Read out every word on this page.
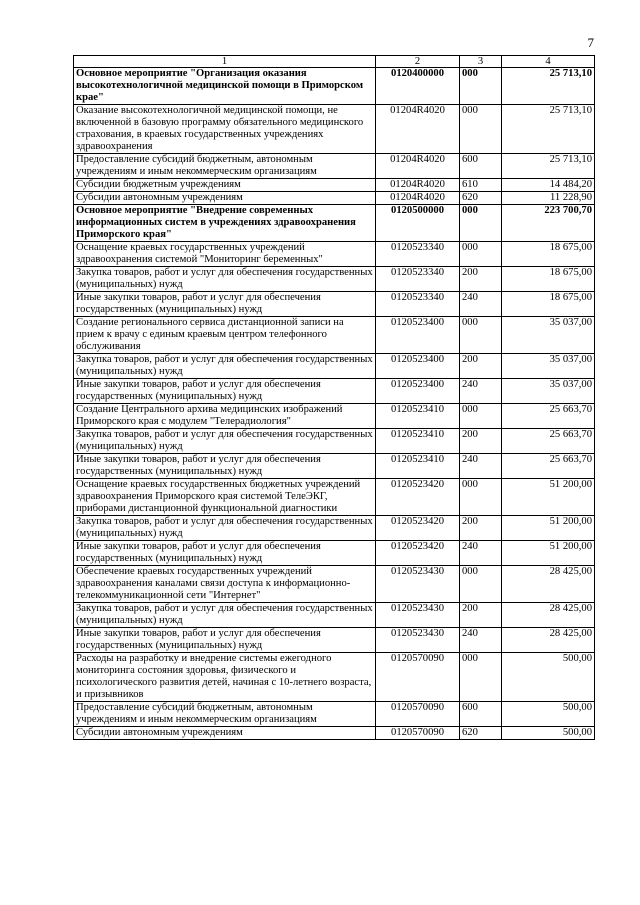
7
1	2	3	4
Основное мероприятие "Организация оказания высокотехнологичной медицинской помощи в Приморском крае"	0120400000	000	25 713,10
Оказание высокотехнологичной медицинской помощи, не включенной в базовую программу обязательного медицинского страхования, в краевых государственных учреждениях здравоохранения	01204R4020	000	25 713,10
Предоставление субсидий бюджетным, автономным учреждениям и иным некоммерческим организациям	01204R4020	600	25 713,10
Субсидии бюджетным учреждениям	01204R4020	610	14 484,20
Субсидии автономным учреждениям	01204R4020	620	11 228,90
Основное мероприятие "Внедрение современных информационных систем в учреждениях здравоохранения Приморского края"	0120500000	000	223 700,70
Оснащение краевых государственных учреждений здравоохранения системой "Мониторинг беременных"	0120523340	000	18 675,00
Закупка товаров, работ и услуг для обеспечения государственных (муниципальных) нужд	0120523340	200	18 675,00
Иные закупки товаров, работ и услуг для обеспечения государственных (муниципальных) нужд	0120523340	240	18 675,00
Создание регионального сервиса дистанционной записи на прием к врачу с единым краевым центром телефонного обслуживания	0120523400	000	35 037,00
Закупка товаров, работ и услуг для обеспечения государственных (муниципальных) нужд	0120523400	200	35 037,00
Иные закупки товаров, работ и услуг для обеспечения государственных (муниципальных) нужд	0120523400	240	35 037,00
Создание Центрального архива медицинских изображений Приморского края с модулем "Телерадиология"	0120523410	000	25 663,70
Закупка товаров, работ и услуг для обеспечения государственных (муниципальных) нужд	0120523410	200	25 663,70
Иные закупки товаров, работ и услуг для обеспечения государственных (муниципальных) нужд	0120523410	240	25 663,70
Оснащение краевых государственных бюджетных учреждений здравоохранения Приморского края системой ТелеЭКГ, приборами дистанционной функциональной диагностики	0120523420	000	51 200,00
Закупка товаров, работ и услуг для обеспечения государственных (муниципальных) нужд	0120523420	200	51 200,00
Иные закупки товаров, работ и услуг для обеспечения государственных (муниципальных) нужд	0120523420	240	51 200,00
Обеспечение краевых государственных учреждений здравоохранения каналами связи доступа к информационно-телекоммуникационной сети "Интернет"	0120523430	000	28 425,00
Закупка товаров, работ и услуг для обеспечения государственных (муниципальных) нужд	0120523430	200	28 425,00
Иные закупки товаров, работ и услуг для обеспечения государственных (муниципальных) нужд	0120523430	240	28 425,00
Расходы на разработку и внедрение системы ежегодного мониторинга состояния здоровья, физического и психологического развития детей, начиная с 10-летнего возраста, и призывников	0120570090	000	500,00
Предоставление субсидий бюджетным, автономным учреждениям и иным некоммерческим организациям	0120570090	600	500,00
Субсидии автономным учреждениям	0120570090	620	500,00
